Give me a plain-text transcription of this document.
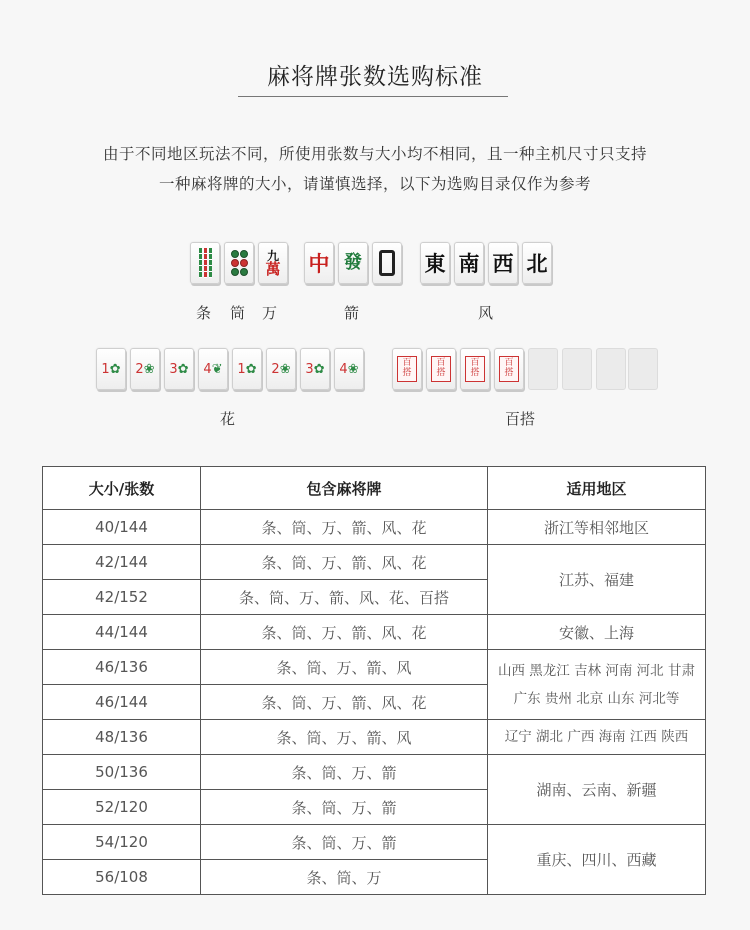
麻将牌张数选购标准
由于不同地区玩法不同，所使用张数与大小均不相同，且一种主机尺寸只支持
一种麻将牌的大小，请谨慎选择，以下为选购目录仅作为参考
九
萬 中 發	東 南 西 北
条 筒 万	箭	风
1✿ 2❀ 3✿ 4❦ 1✿ 2❀ 3✿ 4❀	百
搭
百
搭
百
搭
百
搭
花	百搭
大小/张数	包含麻将牌	适用地区
40/144	条、筒、万、箭、风、花	浙江等相邻地区
42/144	条、筒、万、箭、风、花	江苏、福建
42/152	条、筒、万、箭、风、花、百搭	
44/144	条、筒、万、箭、风、花	安徽、上海
46/136	条、筒、万、箭、风	山西 黑龙江 吉林 河南 河北 甘肃
广东 贵州 北京 山东 河北等

46/144	条、筒、万、箭、风、花	
48/136	条、筒、万、箭、风	辽宁 湖北 广西 海南 江西 陕西
50/136	条、筒、万、箭	湖南、云南、新疆
52/120	条、筒、万、箭	
54/120	条、筒、万、箭	重庆、四川、西藏
56/108	条、筒、万	
